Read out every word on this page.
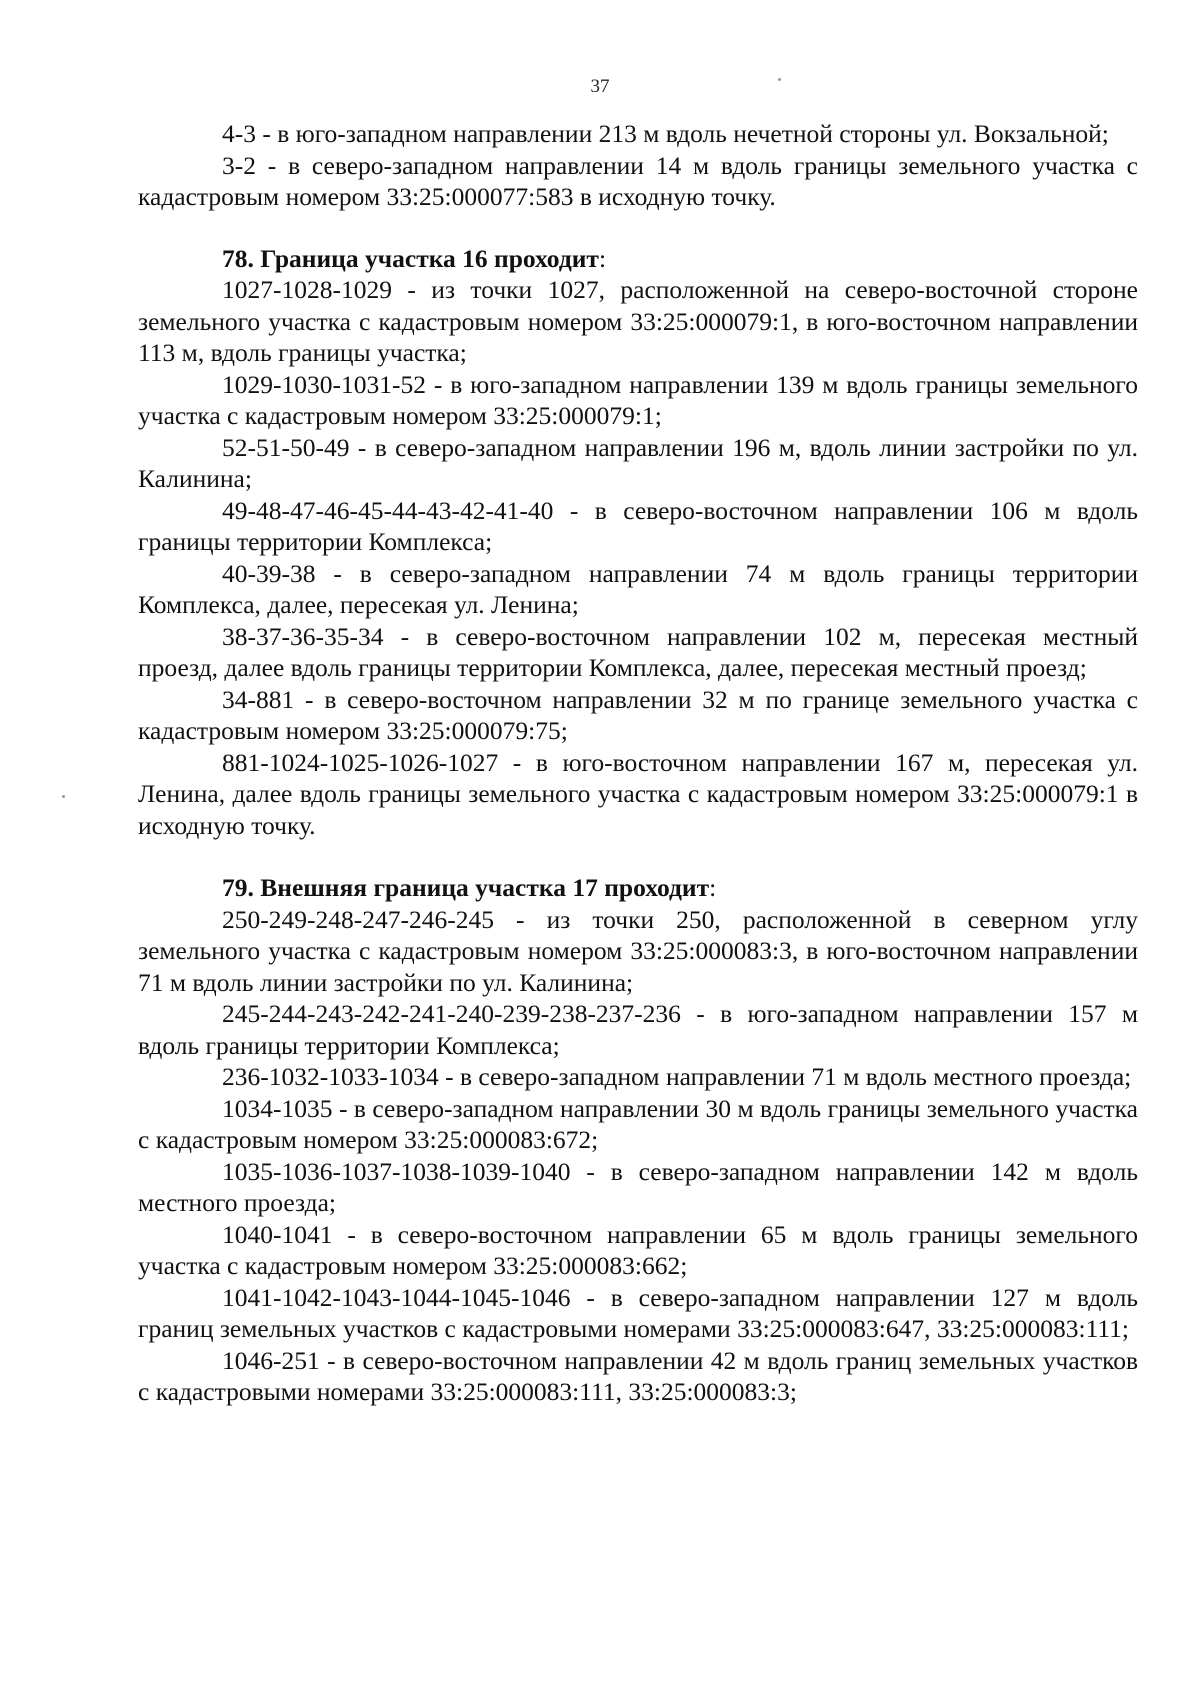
37

4-3 - в юго-западном направлении 213 м вдоль нечетной стороны ул. Вокзальной;

3-2 - в северо-западном направлении 14 м вдоль границы земельного участка с кадастровым номером 33:25:000077:583 в исходную точку.

78. Граница участка 16 проходит:

1027-1028-1029 - из точки 1027, расположенной на северо-восточной стороне земельного участка с кадастровым номером 33:25:000079:1, в юго-восточном направлении 113 м, вдоль границы участка;

1029-1030-1031-52 - в юго-западном направлении 139 м вдоль границы земельного участка с кадастровым номером 33:25:000079:1;

52-51-50-49 - в северо-западном направлении 196 м, вдоль линии застройки по ул. Калинина;

49-48-47-46-45-44-43-42-41-40 - в северо-восточном направлении 106 м вдоль границы территории Комплекса;

40-39-38 - в северо-западном направлении 74 м вдоль границы территории Комплекса, далее, пересекая ул. Ленина;

38-37-36-35-34 - в северо-восточном направлении 102 м, пересекая местный проезд, далее вдоль границы территории Комплекса, далее, пересекая местный проезд;

34-881 - в северо-восточном направлении 32 м по границе земельного участка с кадастровым номером 33:25:000079:75;

881-1024-1025-1026-1027 - в юго-восточном направлении 167 м, пересекая ул. Ленина, далее вдоль границы земельного участка с кадастровым номером 33:25:000079:1 в исходную точку.

79. Внешняя граница участка 17 проходит:

250-249-248-247-246-245 - из точки 250, расположенной в северном углу земельного участка с кадастровым номером 33:25:000083:3, в юго-восточном направлении 71 м вдоль линии застройки по ул. Калинина;

245-244-243-242-241-240-239-238-237-236 - в юго-западном направлении 157 м вдоль границы территории Комплекса;

236-1032-1033-1034 - в северо-западном направлении 71 м вдоль местного проезда;

1034-1035 - в северо-западном направлении 30 м вдоль границы земельного участка с кадастровым номером 33:25:000083:672;

1035-1036-1037-1038-1039-1040 - в северо-западном направлении 142 м вдоль местного проезда;

1040-1041 - в северо-восточном направлении 65 м вдоль границы земельного участка с кадастровым номером 33:25:000083:662;

1041-1042-1043-1044-1045-1046 - в северо-западном направлении 127 м вдоль границ земельных участков с кадастровыми номерами 33:25:000083:647, 33:25:000083:111;

1046-251 - в северо-восточном направлении 42 м вдоль границ земельных участков с кадастровыми номерами 33:25:000083:111, 33:25:000083:3;
